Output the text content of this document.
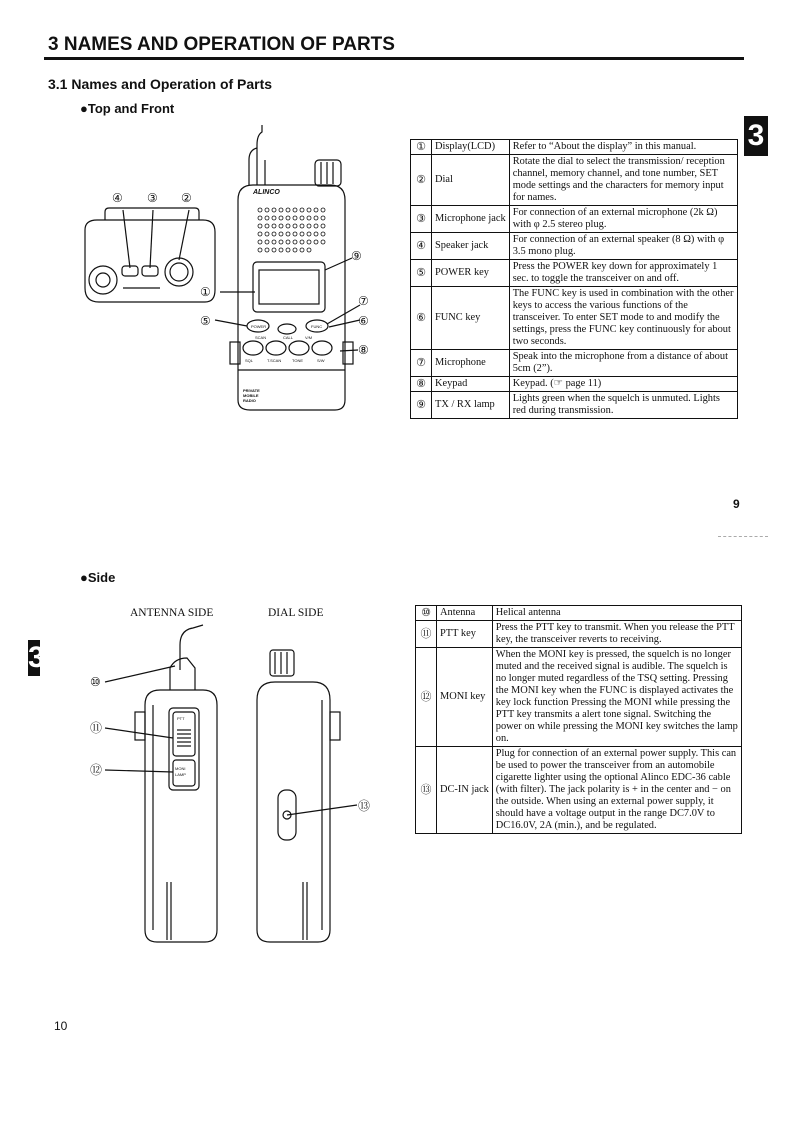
3 NAMES AND OPERATION OF PARTS
3.1 Names and Operation of Parts
●Top and Front
3
3
ALINCO
POWER	FUNC
SQL	T.SCAN	TONE	S/W
SCAN	CALL	V/M
PRIVATE
MOBILE
RADIO
④ ③ ②
①
⑤
⑦
⑥
⑧
⑨
①	Display(LCD)	Refer to “About the display” in this manual.
②	Dial	Rotate the dial to select the transmission/ reception channel, memory channel, and tone number, SET mode settings and the characters for memory input for names.
③	Microphone jack	For connection of an external microphone (2k Ω) with φ 2.5 stereo plug.
④	Speaker jack	For connection of an external speaker (8 Ω) with φ 3.5 mono plug.
⑤	POWER key	Press the POWER key down for approximately 1 sec. to toggle the transceiver on and off.
⑥	FUNC key	The FUNC key is used in combination with the other keys to access the various functions of the transceiver. To enter SET mode to and modify the settings, press the FUNC key continuously for about two seconds.
⑦	Microphone	Speak into the microphone from a distance of about 5cm (2”).
⑧	Keypad	Keypad. (☞ page 11)
⑨	TX / RX lamp	Lights green when the squelch is unmuted. Lights red during transmission.
9
●Side
ANTENNA SIDE	DIAL SIDE
PTT
MONI
LAMP
⑩
⑪
⑫
⑬
⑩	Antenna	Helical antenna
⑪	PTT key	Press the PTT key to transmit. When you release the PTT key, the transceiver reverts to receiving.
⑫	MONI key	When the MONI key is pressed, the squelch is no longer muted and the received signal is audible. The squelch is no longer muted regardless of the TSQ setting. Pressing the MONI key when the FUNC is displayed activates the key lock function Pressing the MONI while pressing the PTT key transmits a alert tone signal. Switching the power on while pressing the MONI key switches the lamp on.
⑬	DC-IN jack	Plug for connection of an external power supply. This can be used to power the transceiver from an automobile cigarette lighter using the optional Alinco EDC-36 cable (with filter). The jack polarity is + in the center and − on the outside. When using an external power supply, it should have a voltage output in the range DC7.0V to DC16.0V, 2A (min.), and be regulated.
10
